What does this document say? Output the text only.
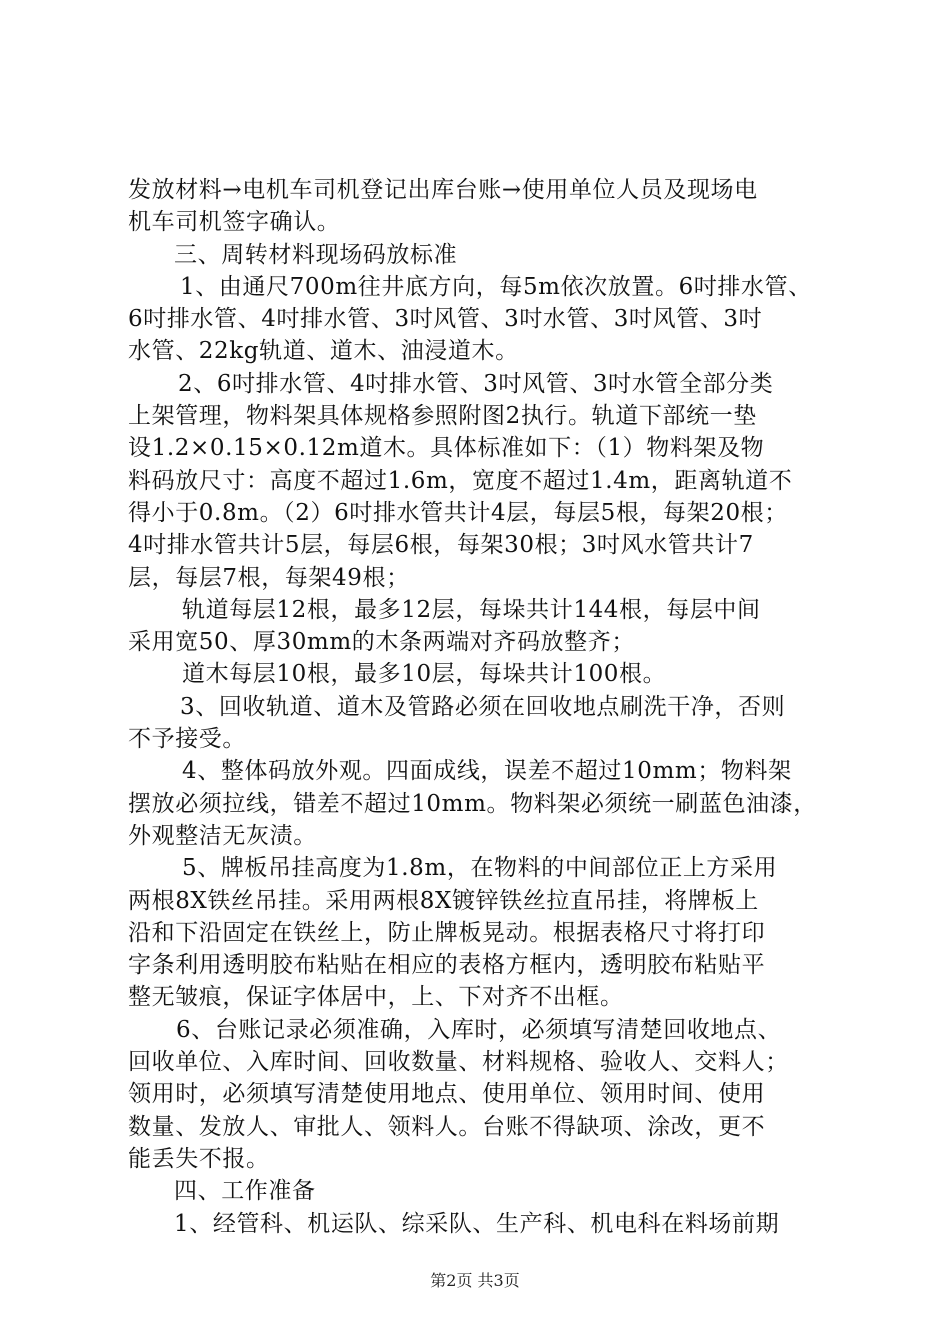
发放材料→电机车司机登记出库台账→使用单位人员及现场电
机车司机签字确认。
三、周转材料现场码放标准
1、由通尺700m往井底方向，每5m依次放置。6吋排水管、
6吋排水管、4吋排水管、3吋风管、3吋水管、3吋风管、3吋
水管、22kg轨道、道木、油浸道木。
2、6吋排水管、4吋排水管、3吋风管、3吋水管全部分类
上架管理，物料架具体规格参照附图2执行。轨道下部统一垫
设1.2×0.15×0.12m道木。具体标准如下：（1）物料架及物
料码放尺寸：高度不超过1.6m，宽度不超过1.4m，距离轨道不
得小于0.8m。（2）6吋排水管共计4层，每层5根，每架20根；
4吋排水管共计5层，每层6根，每架30根；3吋风水管共计7
层，每层7根，每架49根；
轨道每层12根，最多12层，每垛共计144根，每层中间
采用宽50、厚30mm的木条两端对齐码放整齐；
道木每层10根，最多10层，每垛共计100根。
3、回收轨道、道木及管路必须在回收地点刷洗干净，否则
不予接受。
4、整体码放外观。四面成线，误差不超过10mm；物料架
摆放必须拉线，错差不超过10mm。物料架必须统一刷蓝色油漆，
外观整洁无灰渍。
5、牌板吊挂高度为1.8m，在物料的中间部位正上方采用
两根8X铁丝吊挂。采用两根8X镀锌铁丝拉直吊挂，将牌板上
沿和下沿固定在铁丝上，防止牌板晃动。根据表格尺寸将打印
字条利用透明胶布粘贴在相应的表格方框内，透明胶布粘贴平
整无皱痕，保证字体居中，上、下对齐不出框。
6、台账记录必须准确，入库时，必须填写清楚回收地点、
回收单位、入库时间、回收数量、材料规格、验收人、交料人；
领用时，必须填写清楚使用地点、使用单位、领用时间、使用
数量、发放人、审批人、领料人。台账不得缺项、涂改，更不
能丢失不报。
四、工作准备
1、经管科、机运队、综采队、生产科、机电科在料场前期
第2页 共3页
